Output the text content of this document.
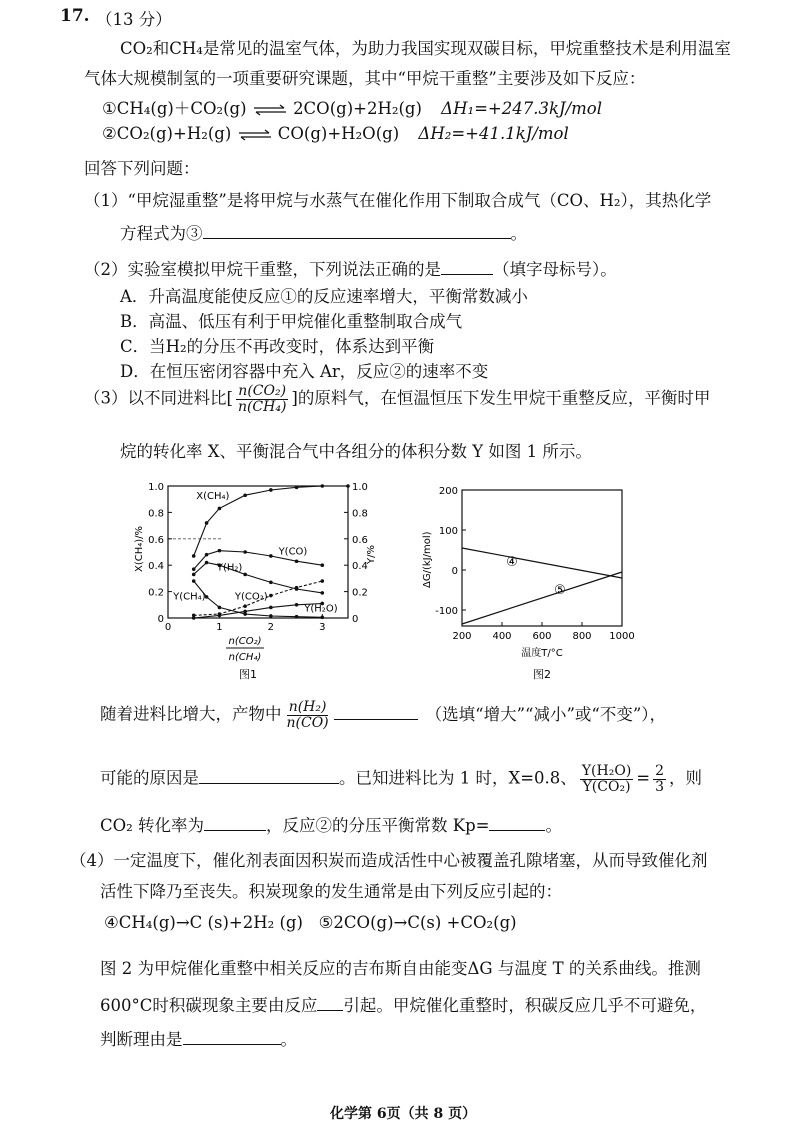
17. （13 分）
CO₂和CH₄是常见的温室气体，为助力我国实现双碳目标，甲烷重整技术是利用温室
气体大规模制氢的一项重要研究课题，其中“甲烷干重整”主要涉及如下反应：
①CH₄(g)＋CO₂(g) ⇌ 2CO(g)+2H₂(g) ΔH₁=+247.3kJ/mol
②CO₂(g)+H₂(g) ⇌ CO(g)+H₂O(g) ΔH₂=+41.1kJ/mol
回答下列问题：
（1）“甲烷湿重整”是将甲烷与水蒸气在催化作用下制取合成气（CO、H₂），其热化学
方程式为③	。
（2）实验室模拟甲烷干重整，下列说法正确的是	（填字母标号）。
A．升高温度能使反应①的反应速率增大，平衡常数减小
B．高温、低压有利于甲烷催化重整制取合成气
C．当H₂的分压不再改变时，体系达到平衡
D．在恒压密闭容器中充入 Ar，反应②的速率不变
（3）以不同进料比[ $\frac{\text{n(CO₂)}}{\text{n(CH₄)}}$ ]的原料气，在恒温恒压下发生甲烷干重整反应，平衡时甲
烷的转化率 X、平衡混合气中各组分的体积分数 Y 如图 1 所示。
0
0.2
0.4
0.6
0.8
1.0
0
0.2
0.4
0.6
0.8
1.0
0	1	2	3
X(CH₄)/%	Y/%
n(CO₂)
n(CH₄)
图1
X(CH₄)
Y(CO)
Y(H₂)
Y(CH₄)	Y(CO₂)
Y(H₂O)	-100
0
100
200
200 400 600 800 1000
ΔG/(kJ/mol)
温度T/°C
图2
④
⑤
随着进料比增大，产物中 $\frac{\text{n(H₂)}}{n(CO)}$	（选填“增大”“减小”或“不变”），
可能的原因是	。已知进料比为 1 时，X=0.8、 $\frac{\text{Y(H₂O)}}{\text{Y(CO₂)}} = \frac{2}{3}$ ，则
CO₂ 转化率为	，反应②的分压平衡常数 Kp=	。
（4）一定温度下，催化剂表面因积炭而造成活性中心被覆盖孔隙堵塞，从而导致催化剂
活性下降乃至丧失。积炭现象的发生通常是由下列反应引起的：
④CH₄(g)→C (s)+2H₂ (g)   ⑤2CO(g)→C(s) +CO₂(g)
图 2 为甲烷催化重整中相关反应的吉布斯自由能变ΔG 与温度 T 的关系曲线。推测
600°C时积碳现象主要由反应 引起。甲烷催化重整时，积碳反应几乎不可避免，
判断理由是	。
化学第 6页（共 8 页）
